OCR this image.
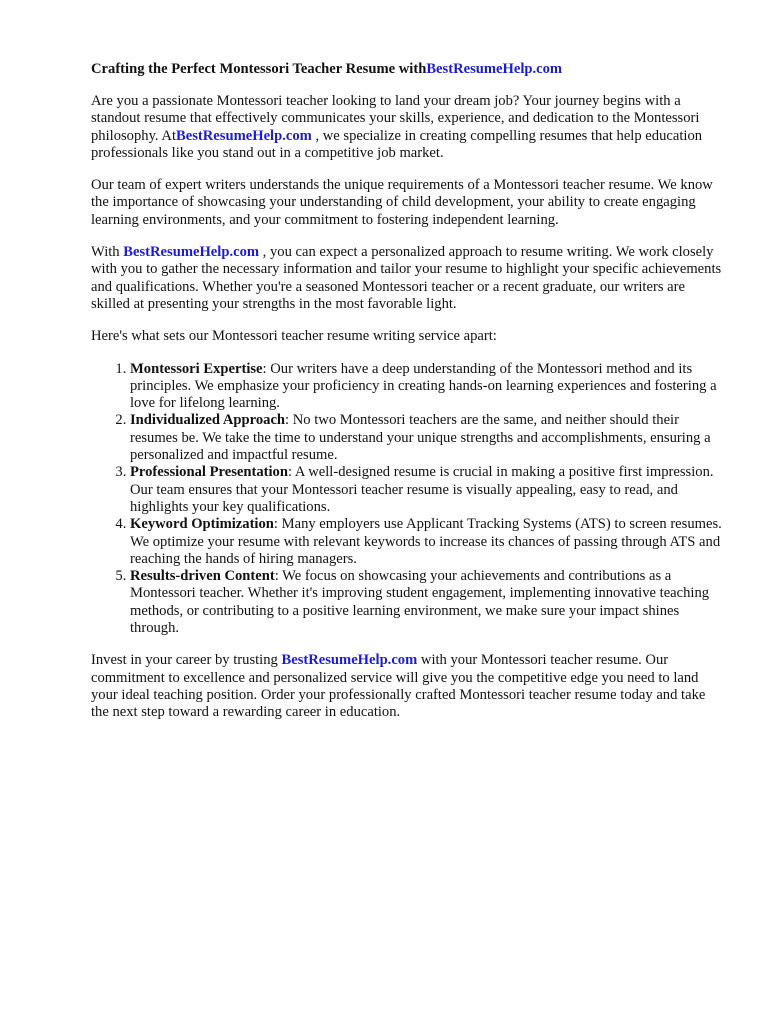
Crafting the Perfect Montessori Teacher Resume withBestResumeHelp.com

Are you a passionate Montessori teacher looking to land your dream job? Your journey begins with a standout resume that effectively communicates your skills, experience, and dedication to the Montessori philosophy. AtBestResumeHelp.com , we specialize in creating compelling resumes that help education professionals like you stand out in a competitive job market.

Our team of expert writers understands the unique requirements of a Montessori teacher resume. We know the importance of showcasing your understanding of child development, your ability to create engaging learning environments, and your commitment to fostering independent learning.

With BestResumeHelp.com , you can expect a personalized approach to resume writing. We work closely with you to gather the necessary information and tailor your resume to highlight your specific achievements and qualifications. Whether you're a seasoned Montessori teacher or a recent graduate, our writers are skilled at presenting your strengths in the most favorable light.

Here's what sets our Montessori teacher resume writing service apart:

1. Montessori Expertise: Our writers have a deep understanding of the Montessori method and its principles. We emphasize your proficiency in creating hands-on learning experiences and fostering a love for lifelong learning.
2. Individualized Approach: No two Montessori teachers are the same, and neither should their resumes be. We take the time to understand your unique strengths and accomplishments, ensuring a personalized and impactful resume.
3. Professional Presentation: A well-designed resume is crucial in making a positive first impression. Our team ensures that your Montessori teacher resume is visually appealing, easy to read, and highlights your key qualifications.
4. Keyword Optimization: Many employers use Applicant Tracking Systems (ATS) to screen resumes. We optimize your resume with relevant keywords to increase its chances of passing through ATS and reaching the hands of hiring managers.
5. Results-driven Content: We focus on showcasing your achievements and contributions as a Montessori teacher. Whether it's improving student engagement, implementing innovative teaching methods, or contributing to a positive learning environment, we make sure your impact shines through.

Invest in your career by trusting BestResumeHelp.com with your Montessori teacher resume. Our commitment to excellence and personalized service will give you the competitive edge you need to land your ideal teaching position. Order your professionally crafted Montessori teacher resume today and take the next step toward a rewarding career in education.
